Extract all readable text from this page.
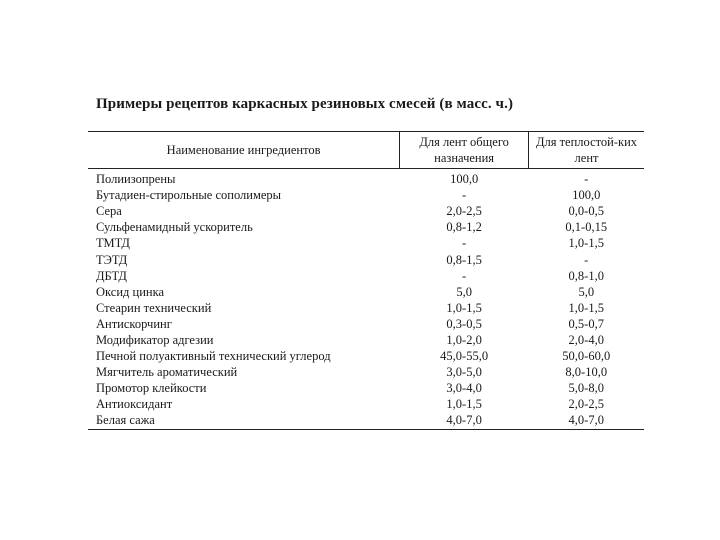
Примеры рецептов каркасных резиновых смесей (в масс. ч.)
Наименование ингредиентов	Для лент общего назначения	Для теплостой-ких лент
Полиизопрены	100,0	-
Бутадиен-стирольные сополимеры	-	100,0
Сера	2,0-2,5	0,0-0,5
Сульфенамидный ускоритель	0,8-1,2	0,1-0,15
ТМТД	-	1,0-1,5
ТЭТД	0,8-1,5	-
ДБТД	-	0,8-1,0
Оксид цинка	5,0	5,0
Стеарин технический	1,0-1,5	1,0-1,5
Антискорчинг	0,3-0,5	0,5-0,7
Модификатор адгезии	1,0-2,0	2,0-4,0
Печной полуактивный технический углерод	45,0-55,0	50,0-60,0
Мягчитель ароматический	3,0-5,0	8,0-10,0
Промотор клейкости	3,0-4,0	5,0-8,0
Антиоксидант	1,0-1,5	2,0-2,5
Белая сажа	4,0-7,0	4,0-7,0
